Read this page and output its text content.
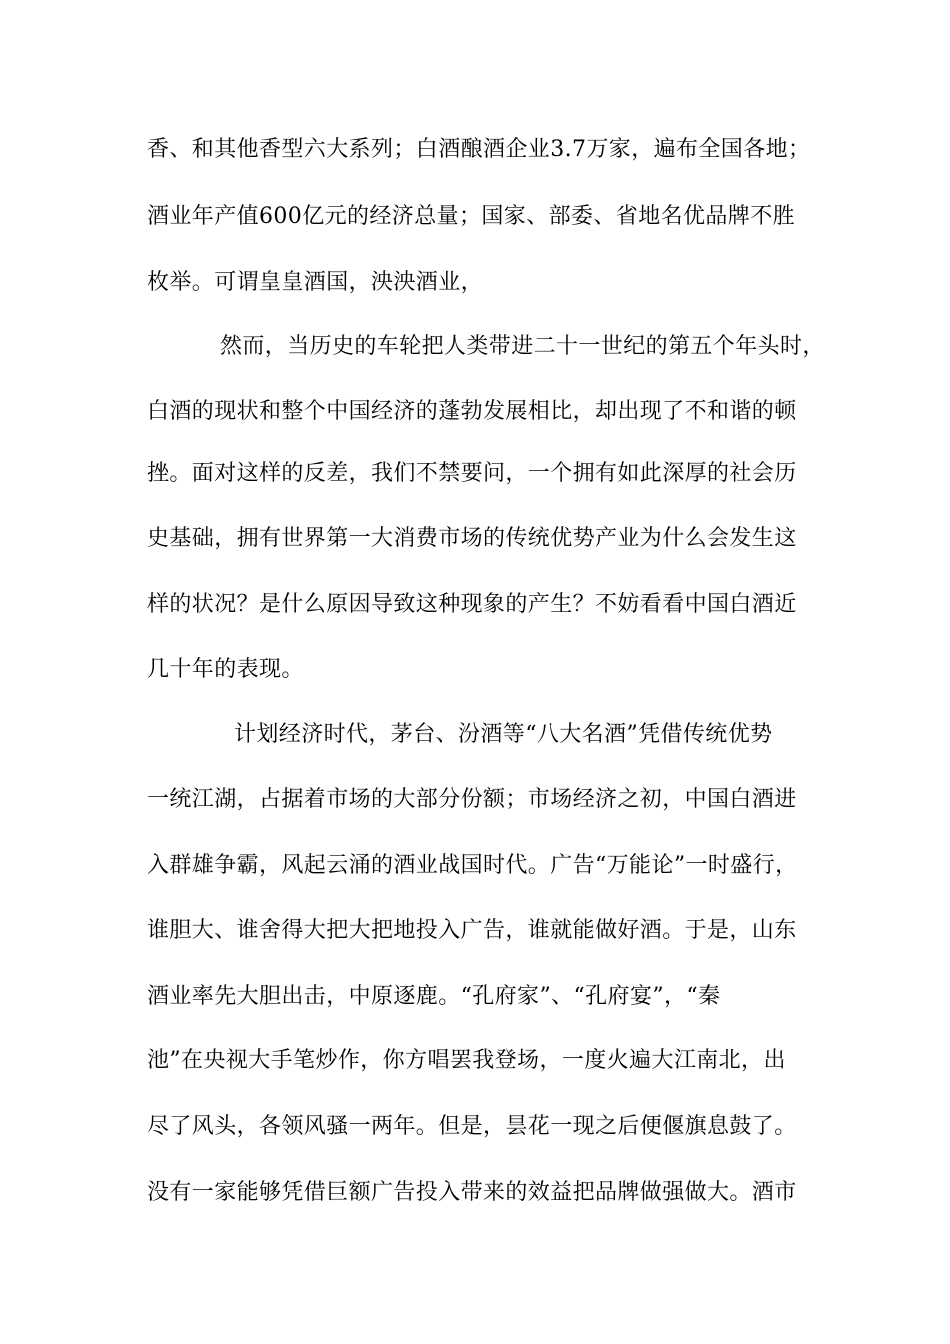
香、和其他香型六大系列；白酒酿酒企业3.7万家，遍布全国各地；
酒业年产值600亿元的经济总量；国家、部委、省地名优品牌不胜
枚举。可谓皇皇酒国，泱泱酒业，
然而，当历史的车轮把人类带进二十一世纪的第五个年头时，
白酒的现状和整个中国经济的蓬勃发展相比，却出现了不和谐的顿
挫。面对这样的反差，我们不禁要问，一个拥有如此深厚的社会历
史基础，拥有世界第一大消费市场的传统优势产业为什么会发生这
样的状况？是什么原因导致这种现象的产生？不妨看看中国白酒近
几十年的表现。
计划经济时代，茅台、汾酒等“八大名酒”凭借传统优势
一统江湖，占据着市场的大部分份额；市场经济之初，中国白酒进
入群雄争霸，风起云涌的酒业战国时代。广告“万能论”一时盛行，
谁胆大、谁舍得大把大把地投入广告，谁就能做好酒。于是，山东
酒业率先大胆出击，中原逐鹿。“孔府家”、“孔府宴”，“秦
池”在央视大手笔炒作，你方唱罢我登场，一度火遍大江南北，出
尽了风头，各领风骚一两年。但是，昙花一现之后便偃旗息鼓了。
没有一家能够凭借巨额广告投入带来的效益把品牌做强做大。酒市
